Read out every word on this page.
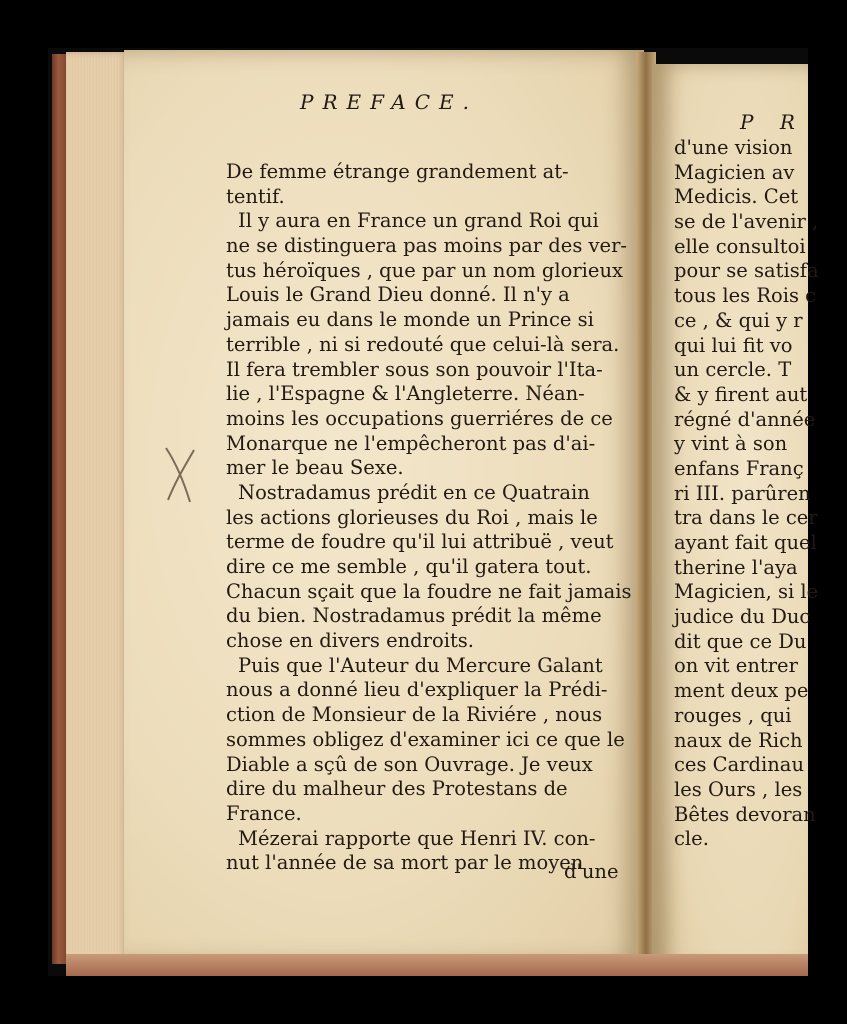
PREFACE.
De femme étrange grandement at-
tentif.
Il y aura en France un grand Roi qui
ne se distinguera pas moins par des ver-
tus héroïques , que par un nom glorieux
Louis le Grand Dieu donné. Il n'y a
jamais eu dans le monde un Prince si
terrible , ni si redouté que celui-là sera.
Il fera trembler sous son pouvoir l'Ita-
lie , l'Espagne & l'Angleterre. Néan-
moins les occupations guerriéres de ce
Monarque ne l'empêcheront pas d'ai-
mer le beau Sexe.
Nostradamus prédit en ce Quatrain
les actions glorieuses du Roi , mais le
terme de foudre qu'il lui attribuë , veut
dire ce me semble , qu'il gatera tout.
Chacun sçait que la foudre ne fait jamais
du bien. Nostradamus prédit la même
chose en divers endroits.
Puis que l'Auteur du Mercure Galant
nous a donné lieu d'expliquer la Prédi-
ction de Monsieur de la Riviére , nous
sommes obligez d'examiner ici ce que le
Diable a sçû de son Ouvrage. Je veux
dire du malheur des Protestans de
France.
Mézerai rapporte que Henri IV. con-
nut l'année de sa mort par le moyen
d'une
P R
d'une vision
Magicien av
Medicis. Cet
se de l'avenir ,
elle consultoi
pour se satisfa
tous les Rois c
ce , & qui y r
qui lui fit vo
un cercle. T
& y firent aut
régné d'année
y vint à son
enfans Franç
ri III. parûren
tra dans le cer
ayant fait quel
therine l'aya
Magicien, si le
judice du Duc
dit que ce Du
on vit entrer
ment deux pe
rouges , qui
naux de Rich
ces Cardinau
les Ours , les
Bêtes devoran
cle.
